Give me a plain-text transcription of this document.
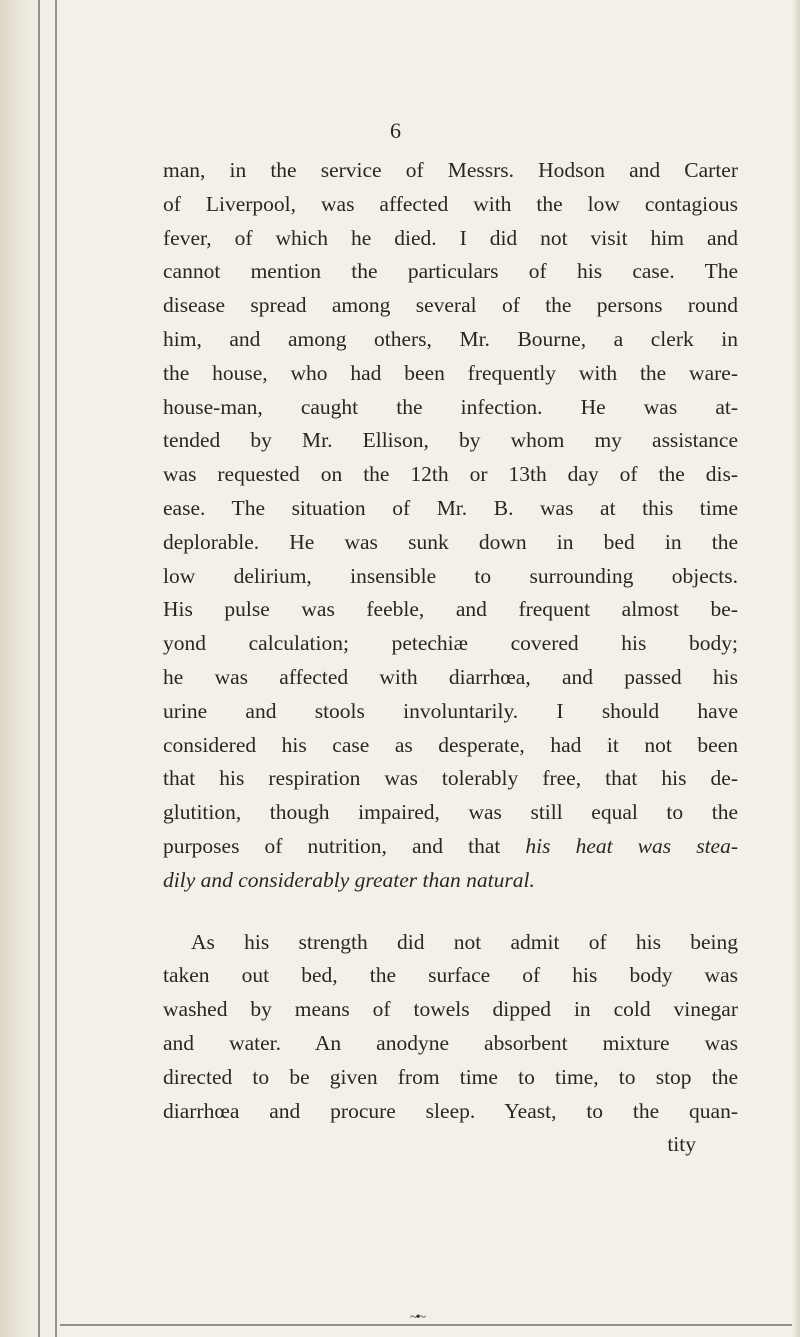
6
man, in the service of Messrs. Hodson and Carter
of Liverpool, was affected with the low contagious
fever, of which he died. I did not visit him and
cannot mention the particulars of his case. The
disease spread among several of the persons round
him, and among others, Mr. Bourne, a clerk in
the house, who had been frequently with the ware-
house-man, caught the infection. He was at-
tended by Mr. Ellison, by whom my assistance
was requested on the 12th or 13th day of the dis-
ease. The situation of Mr. B. was at this time
deplorable. He was sunk down in bed in the
low delirium, insensible to surrounding objects.
His pulse was feeble, and frequent almost be-
yond calculation; petechiæ covered his body;
he was affected with diarrhœa, and passed his
urine and stools involuntarily. I should have
considered his case as desperate, had it not been
that his respiration was tolerably free, that his de-
glutition, though impaired, was still equal to the
purposes of nutrition, and that his heat was stea-
dily and considerably greater than natural.
As his strength did not admit of his being
taken out bed, the surface of his body was
washed by means of towels dipped in cold vinegar
and water. An anodyne absorbent mixture was
directed to be given from time to time, to stop the
diarrhœa and procure sleep. Yeast, to the quan-
tity
~•~
